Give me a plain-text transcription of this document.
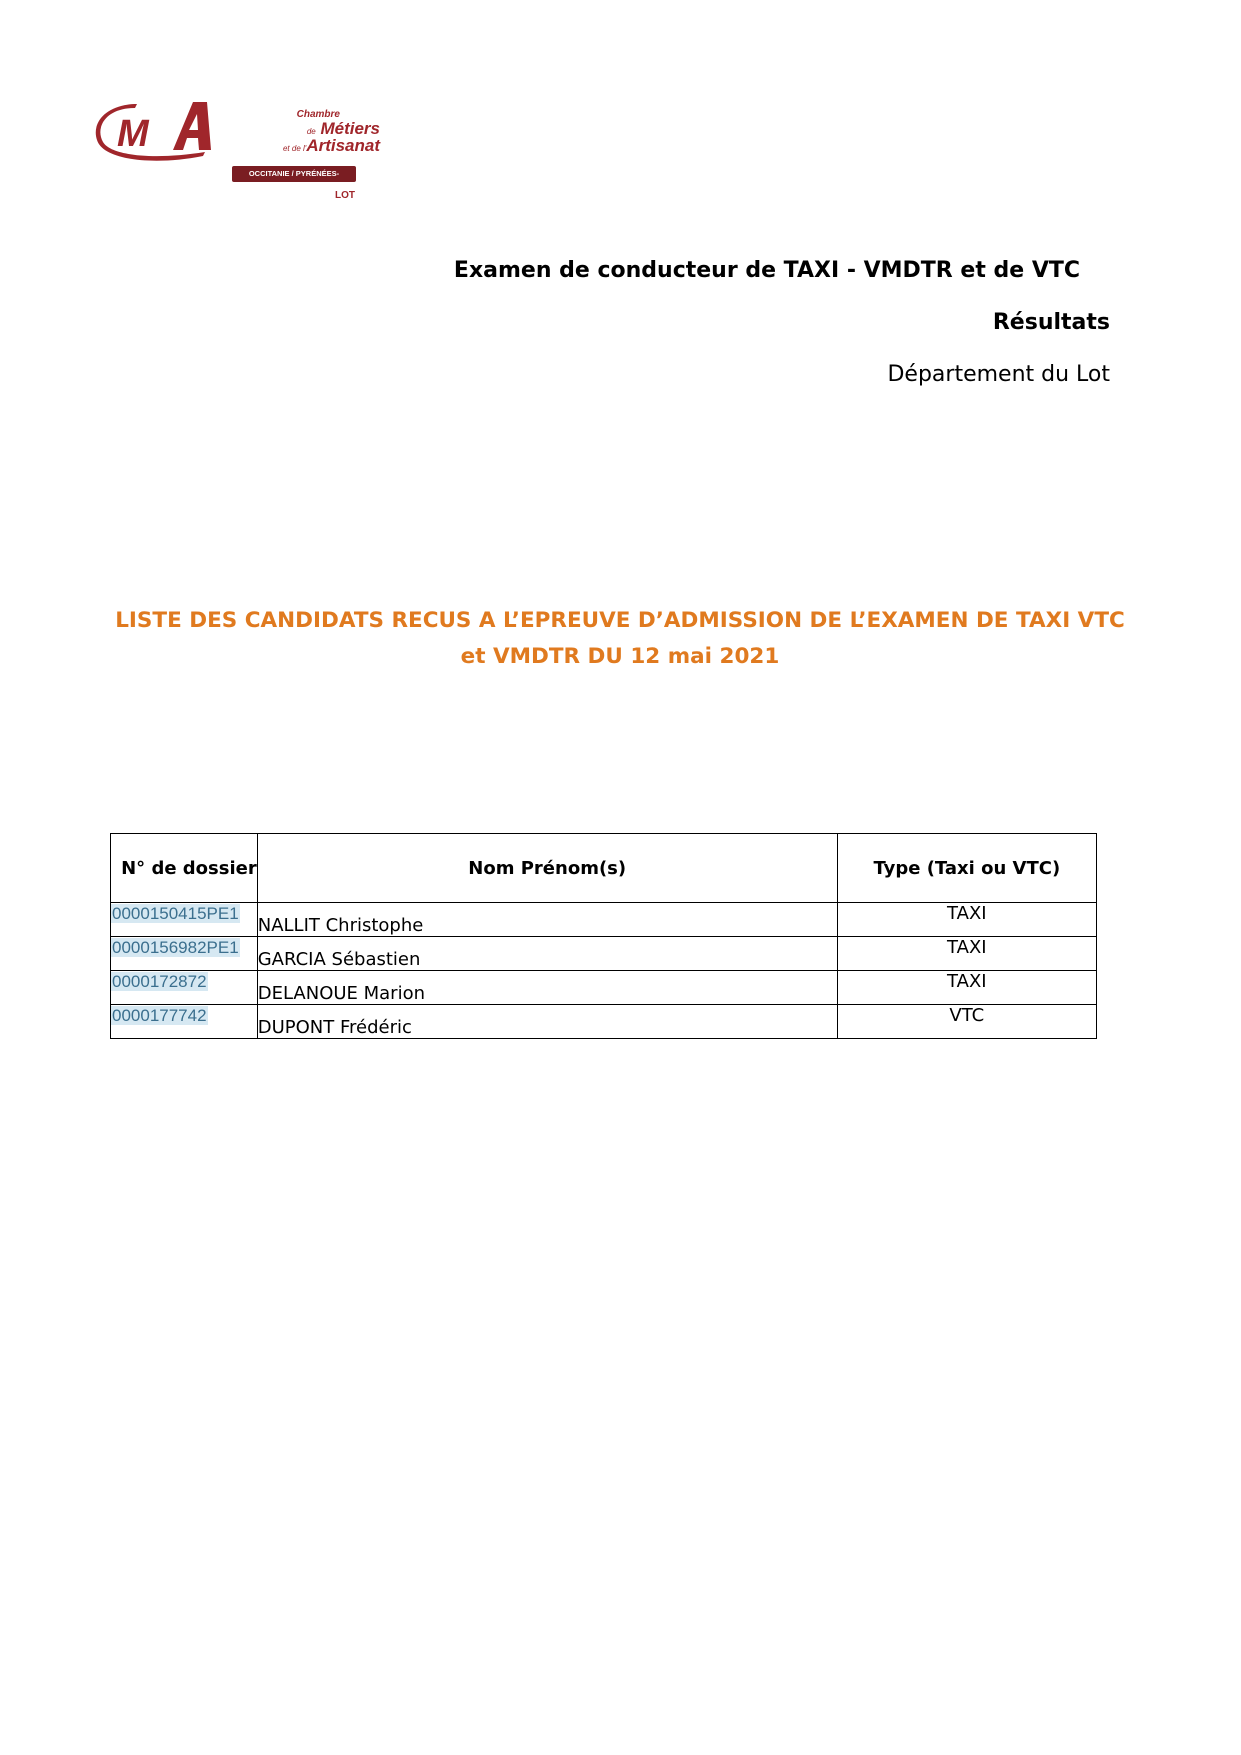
M	Chambre
de Métiers
et de l'Artisanat
OCCITANIE / PYRÉNÉES-MÉDITERRANÉE
LOT
Examen de conducteur de TAXI - VMDTR et de VTC
Résultats
Département du Lot
LISTE DES CANDIDATS RECUS A L’EPREUVE D’ADMISSION DE L’EXAMEN DE TAXI VTC
et VMDTR DU 12 mai 2021
N° de dossier	Nom Prénom(s)	Type (Taxi ou VTC)
0000150415PE1	NALLIT Christophe	TAXI
0000156982PE1	GARCIA Sébastien	TAXI
0000172872	DELANOUE Marion	TAXI
0000177742	DUPONT Frédéric	VTC
